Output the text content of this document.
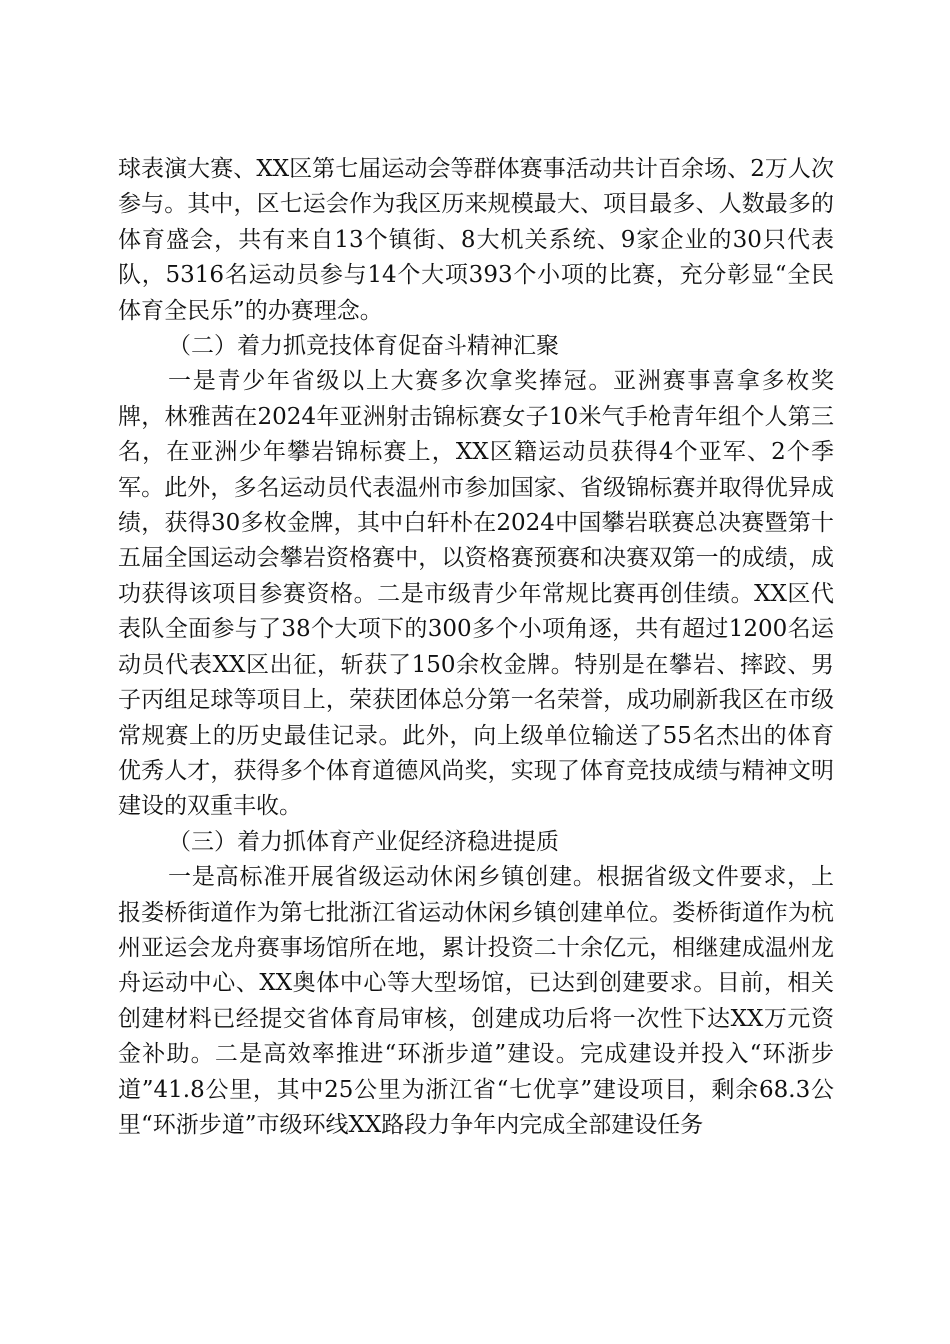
球表演大赛、XX区第七届运动会等群体赛事活动共计百余场、2万人次参与。其中，区七运会作为我区历来规模最大、项目最多、人数最多的体育盛会，共有来自13个镇街、8大机关系统、9家企业的30只代表队，5316名运动员参与14个大项393个小项的比赛，充分彰显“全民体育全民乐”的办赛理念。

（二）着力抓竞技体育促奋斗精神汇聚

一是青少年省级以上大赛多次拿奖捧冠。亚洲赛事喜拿多枚奖牌，林雅茜在2024年亚洲射击锦标赛女子10米气手枪青年组个人第三名，在亚洲少年攀岩锦标赛上，XX区籍运动员获得4个亚军、2个季军。此外，多名运动员代表温州市参加国家、省级锦标赛并取得优异成绩，获得30多枚金牌，其中白轩朴在2024中国攀岩联赛总决赛暨第十五届全国运动会攀岩资格赛中，以资格赛预赛和决赛双第一的成绩，成功获得该项目参赛资格。二是市级青少年常规比赛再创佳绩。XX区代表队全面参与了38个大项下的300多个小项角逐，共有超过1200名运动员代表XX区出征，斩获了150余枚金牌。特别是在攀岩、摔跤、男子丙组足球等项目上，荣获团体总分第一名荣誉，成功刷新我区在市级常规赛上的历史最佳记录。此外，向上级单位输送了55名杰出的体育优秀人才，获得多个体育道德风尚奖，实现了体育竞技成绩与精神文明建设的双重丰收。

（三）着力抓体育产业促经济稳进提质

一是高标准开展省级运动休闲乡镇创建。根据省级文件要求，上报娄桥街道作为第七批浙江省运动休闲乡镇创建单位。娄桥街道作为杭州亚运会龙舟赛事场馆所在地，累计投资二十余亿元，相继建成温州龙舟运动中心、XX奥体中心等大型场馆，已达到创建要求。目前，相关创建材料已经提交省体育局审核，创建成功后将一次性下达XX万元资金补助。二是高效率推进“环浙步道”建设。完成建设并投入“环浙步道”41.8公里，其中25公里为浙江省“七优享”建设项目，剩余68.3公里“环浙步道”市级环线XX路段力争年内完成全部建设任务
